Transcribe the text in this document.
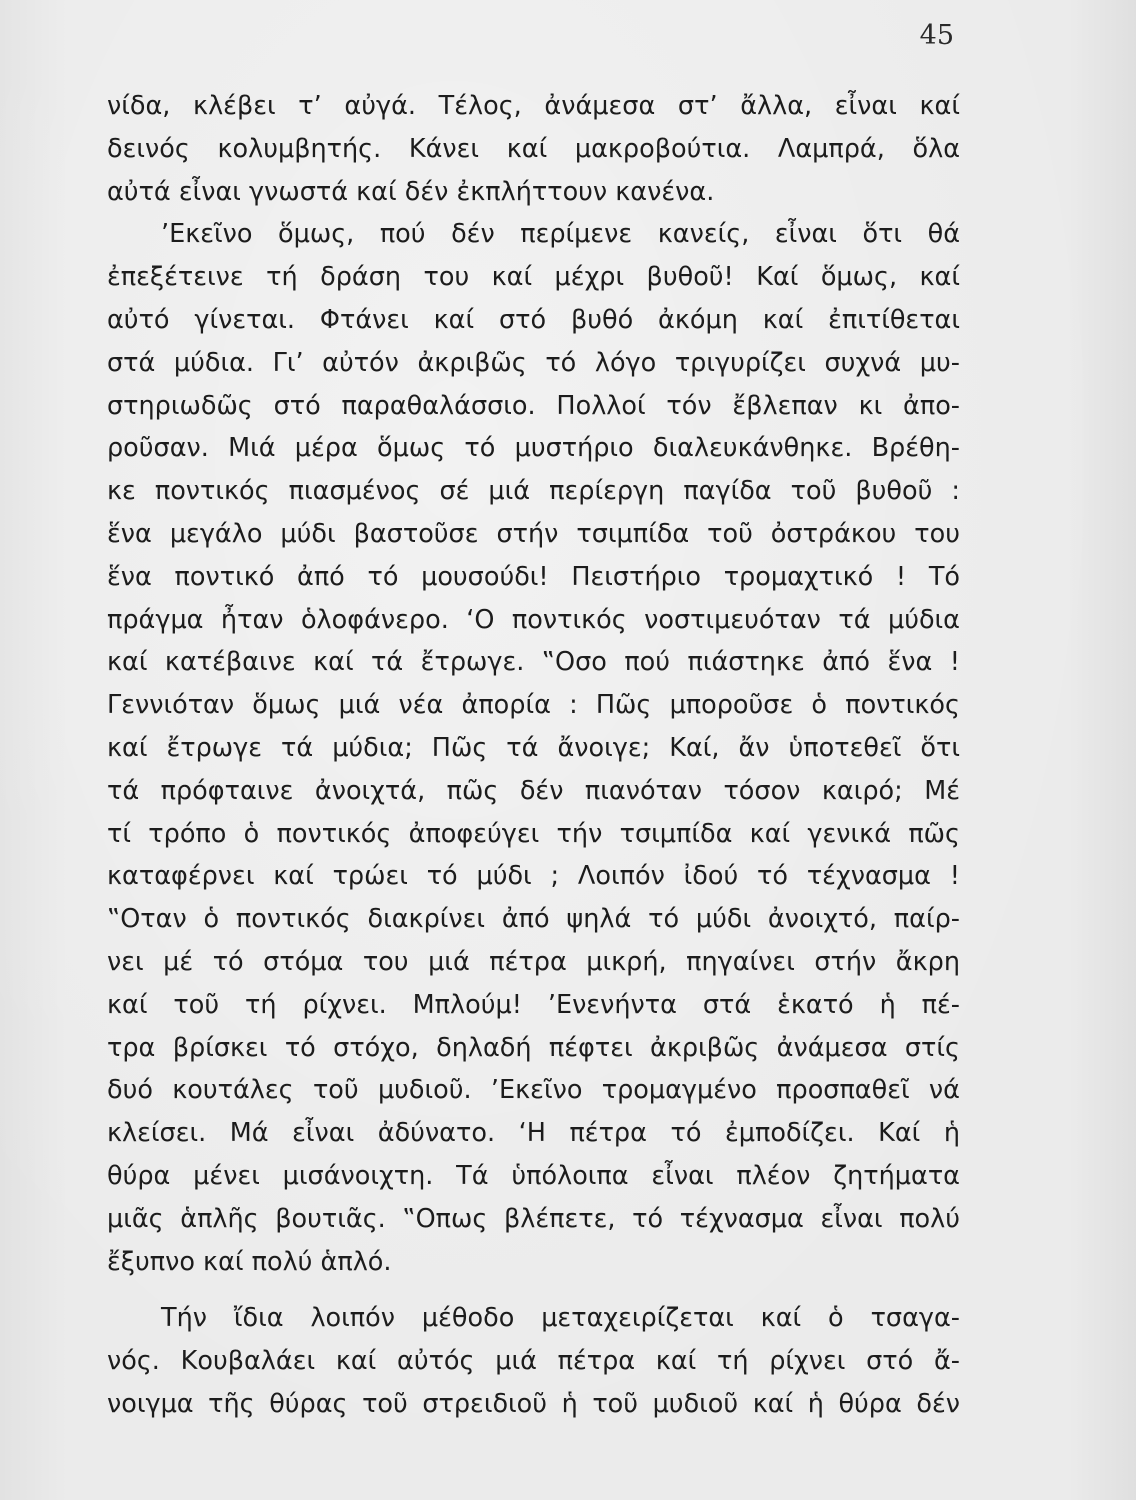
45
νίδα, κλέβει τ’ αὐγά. Τέλος, ἀνάμεσα στ’ ἄλλα, εἶναι καί
δεινός κολυμβητής. Κάνει καί μακροβούτια. Λαμπρά, ὅλα
αὐτά εἶναι γνωστά καί δέν ἐκπλήττουν κανένα.
’Εκεῖνο ὅμως, πού δέν περίμενε κανείς, εἶναι ὅτι θά
ἐπεξέτεινε τή δράση του καί μέχρι βυθοῦ! Καί ὅμως, καί
αὐτό γίνεται. Φτάνει καί στό βυθό ἀκόμη καί ἐπιτίθεται
στά μύδια. Γι’ αὐτόν ἀκριβῶς τό λόγο τριγυρίζει συχνά μυ-
στηριωδῶς στό παραθαλάσσιο. Πολλοί τόν ἔβλεπαν κι ἀπο-
ροῦσαν. Μιά μέρα ὅμως τό μυστήριο διαλευκάνθηκε. Βρέθη-
κε ποντικός πιασμένος σέ μιά περίεργη παγίδα τοῦ βυθοῦ :
ἕνα μεγάλο μύδι βαστοῦσε στήν τσιμπίδα τοῦ ὀστράκου του
ἕνα ποντικό ἀπό τό μουσούδι! Πειστήριο τρομαχτικό ! Τό
πράγμα ἦταν ὁλοφάνερο. ‘Ο ποντικός νοστιμευόταν τά μύδια
καί κατέβαινε καί τά ἔτρωγε. ‟Οσο πού πιάστηκε ἀπό ἕνα !
Γεννιόταν ὅμως μιά νέα ἀπορία : Πῶς μποροῦσε ὁ ποντικός
καί ἔτρωγε τά μύδια; Πῶς τά ἄνοιγε; Καί, ἄν ὑποτεθεῖ ὅτι
τά πρόφταινε ἀνοιχτά, πῶς δέν πιανόταν τόσον καιρό; Μέ
τί τρόπο ὁ ποντικός ἀποφεύγει τήν τσιμπίδα καί γενικά πῶς
καταφέρνει καί τρώει τό μύδι ; Λοιπόν ἰδού τό τέχνασμα !
‟Οταν ὁ ποντικός διακρίνει ἀπό ψηλά τό μύδι ἀνοιχτό, παίρ-
νει μέ τό στόμα του μιά πέτρα μικρή, πηγαίνει στήν ἄκρη
καί τοῦ τή ρίχνει. Μπλούμ! ’Ενενήντα στά ἑκατό ἡ πέ-
τρα βρίσκει τό στόχο, δηλαδή πέφτει ἀκριβῶς ἀνάμεσα στίς
δυό κουτάλες τοῦ μυδιοῦ. ’Εκεῖνο τρομαγμένο προσπαθεῖ νά
κλείσει. Μά εἶναι ἀδύνατο. ‘Η πέτρα τό ἐμποδίζει. Καί ἡ
θύρα μένει μισάνοιχτη. Τά ὑπόλοιπα εἶναι πλέον ζητήματα
μιᾶς ἁπλῆς βουτιᾶς. ‟Οπως βλέπετε, τό τέχνασμα εἶναι πολύ
ἔξυπνο καί πολύ ἁπλό.
Τήν ἴδια λοιπόν μέθοδο μεταχειρίζεται καί ὁ τσαγα-
νός. Κουβαλάει καί αὐτός μιά πέτρα καί τή ρίχνει στό ἄ-
νοιγμα τῆς θύρας τοῦ στρειδιοῦ ἡ τοῦ μυδιοῦ καί ἡ θύρα δέν
